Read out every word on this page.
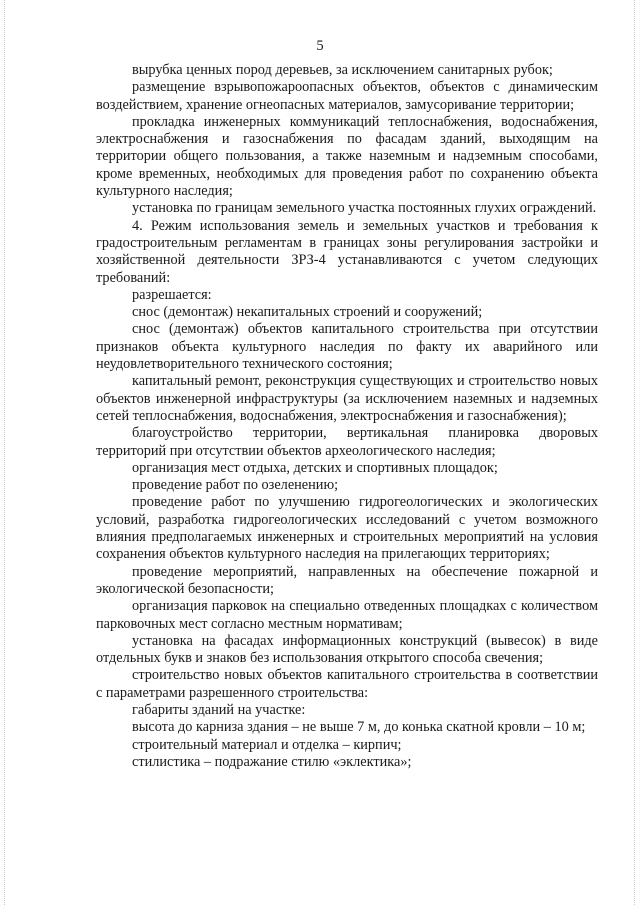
5

вырубка ценных пород деревьев, за исключением санитарных рубок;

размещение взрывопожароопасных объектов, объектов с динамическим воздействием, хранение огнеопасных материалов, замусоривание территории;

прокладка инженерных коммуникаций теплоснабжения, водоснабжения, электроснабжения и газоснабжения по фасадам зданий, выходящим на территории общего пользования, а также наземным и надземным способами, кроме временных, необходимых для проведения работ по сохранению объекта культурного наследия;

установка по границам земельного участка постоянных глухих ограждений.

4. Режим использования земель и земельных участков и требования к градостроительным регламентам в границах зоны регулирования застройки и хозяйственной деятельности ЗРЗ-4 устанавливаются с учетом следующих требований:

разрешается:

снос (демонтаж) некапитальных строений и сооружений;

снос (демонтаж) объектов капитального строительства при отсутствии признаков объекта культурного наследия по факту их аварийного или неудовлетворительного технического состояния;

капитальный ремонт, реконструкция существующих и строительство новых объектов инженерной инфраструктуры (за исключением наземных и надземных сетей теплоснабжения, водоснабжения, электроснабжения и газоснабжения);

благоустройство территории, вертикальная планировка дворовых территорий при отсутствии объектов археологического наследия;

организация мест отдыха, детских и спортивных площадок;

проведение работ по озеленению;

проведение работ по улучшению гидрогеологических и экологических условий, разработка гидрогеологических исследований с учетом возможного влияния предполагаемых инженерных и строительных мероприятий на условия сохранения объектов культурного наследия на прилегающих территориях;

проведение мероприятий, направленных на обеспечение пожарной и экологической безопасности;

организация парковок на специально отведенных площадках с количеством парковочных мест согласно местным нормативам;

установка на фасадах информационных конструкций (вывесок) в виде отдельных букв и знаков без использования открытого способа свечения;

строительство новых объектов капитального строительства в соответствии с параметрами разрешенного строительства:

габариты зданий на участке:

высота до карниза здания – не выше 7 м, до конька скатной кровли – 10 м;

строительный материал и отделка – кирпич;

стилистика – подражание стилю «эклектика»;
